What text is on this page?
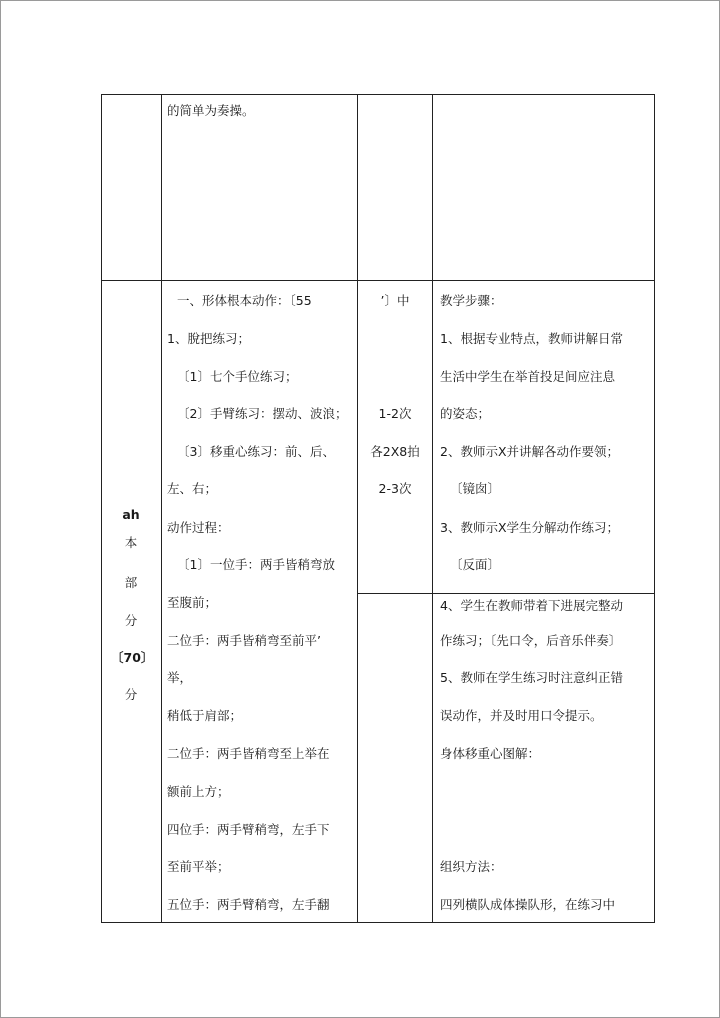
的简单为奏操。
ah
本
部
分
〔70〕
分
一、形体根本动作：〔55
1、脫把练习；
〔1〕七个手位练习；
〔2〕手臂练习：摆动、波浪；
〔3〕移重心练习：前、后、
左、右；
动作过程：
〔1〕一位手：两手皆稍弯放
至腹前；
二位手：两手皆稍弯至前平’
举，
稍低于肩部；
二位手：两手皆稍弯至上举在
额前上方；
四位手：两手臂稍弯，左手下
至前平举；
五位手：两手臂稍弯，左手翻
’〕中
1-2次
各2X8拍
2-3次
教学步骤：
1、根据专业特点，教师讲解日常
生活中学生在举首投足间应注息
的姿态；
2、教师示X并讲解各动作要领；
〔镜囱〕
3、教师示X学生分解动作练习；
〔反面〕
4、学生在教师带着下进展完整动
作练习；〔先口令，后音乐伴奏〕
5、教师在学生练习时注意纠正错
误动作，并及时用口令提示。
身体移重心图解：
组织方法：
四列横队成体操队形，在练习中
